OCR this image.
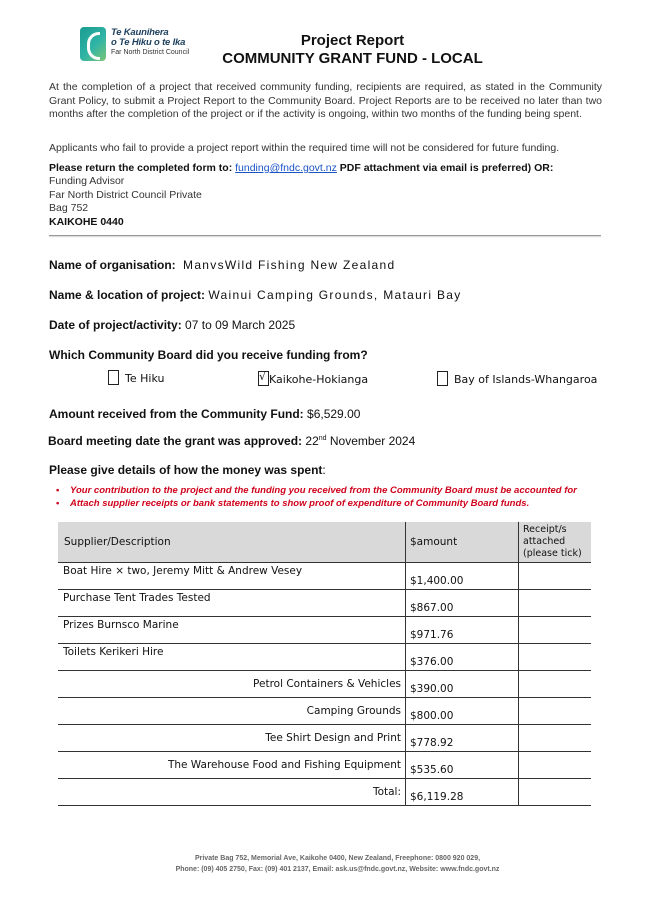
Te Kaunihera
o Te Hiku o te Ika
Far North District Council
Project Report
COMMUNITY GRANT FUND - LOCAL
At the completion of a project that received community funding, recipients are required, as stated in the Community Grant Policy, to submit a Project Report to the Community Board. Project Reports are to be received no later than two months after the completion of the project or if the activity is ongoing, within two months of the funding being spent.
Applicants who fail to provide a project report within the required time will not be considered for future funding.
Please return the completed form to: funding@fndc.govt.nz PDF attachment via email is preferred) OR:
Funding Advisor
Far North District Council Private
Bag 752
KAIKOHE 0440
Name of organisation: ManvsWild Fishing New Zealand
Name & location of project: Wainui Camping Grounds, Matauri Bay
Date of project/activity: 07 to 09 March 2025
Which Community Board did you receive funding from?
Te Hiku √	Kaikohe-Hokianga	Bay of Islands-Whangaroa
Amount received from the Community Fund: $6,529.00
Board meeting date the grant was approved: 22nd November 2024
Please give details of how the money was spent:
• Your contribution to the project and the funding you received from the Community Board must be accounted for
• Attach supplier receipts or bank statements to show proof of expenditure of Community Board funds.
Supplier/Description	$amount	Receipt/s attached (please tick)
Boat Hire × two, Jeremy Mitt & Andrew Vesey	$1,400.00	
Purchase Tent Trades Tested	$867.00	
Prizes Burnsco Marine	$971.76	
Toilets Kerikeri Hire	$376.00	
Petrol Containers & Vehicles	$390.00	
Camping Grounds	$800.00	
Tee Shirt Design and Print	$778.92	
The Warehouse Food and Fishing Equipment	$535.60	
Total:	$6,119.28	
Private Bag 752, Memorial Ave, Kaikohe 0400, New Zealand, Freephone: 0800 920 029,
Phone: (09) 405 2750, Fax: (09) 401 2137, Email: ask.us@fndc.govt.nz, Website: www.fndc.govt.nz
